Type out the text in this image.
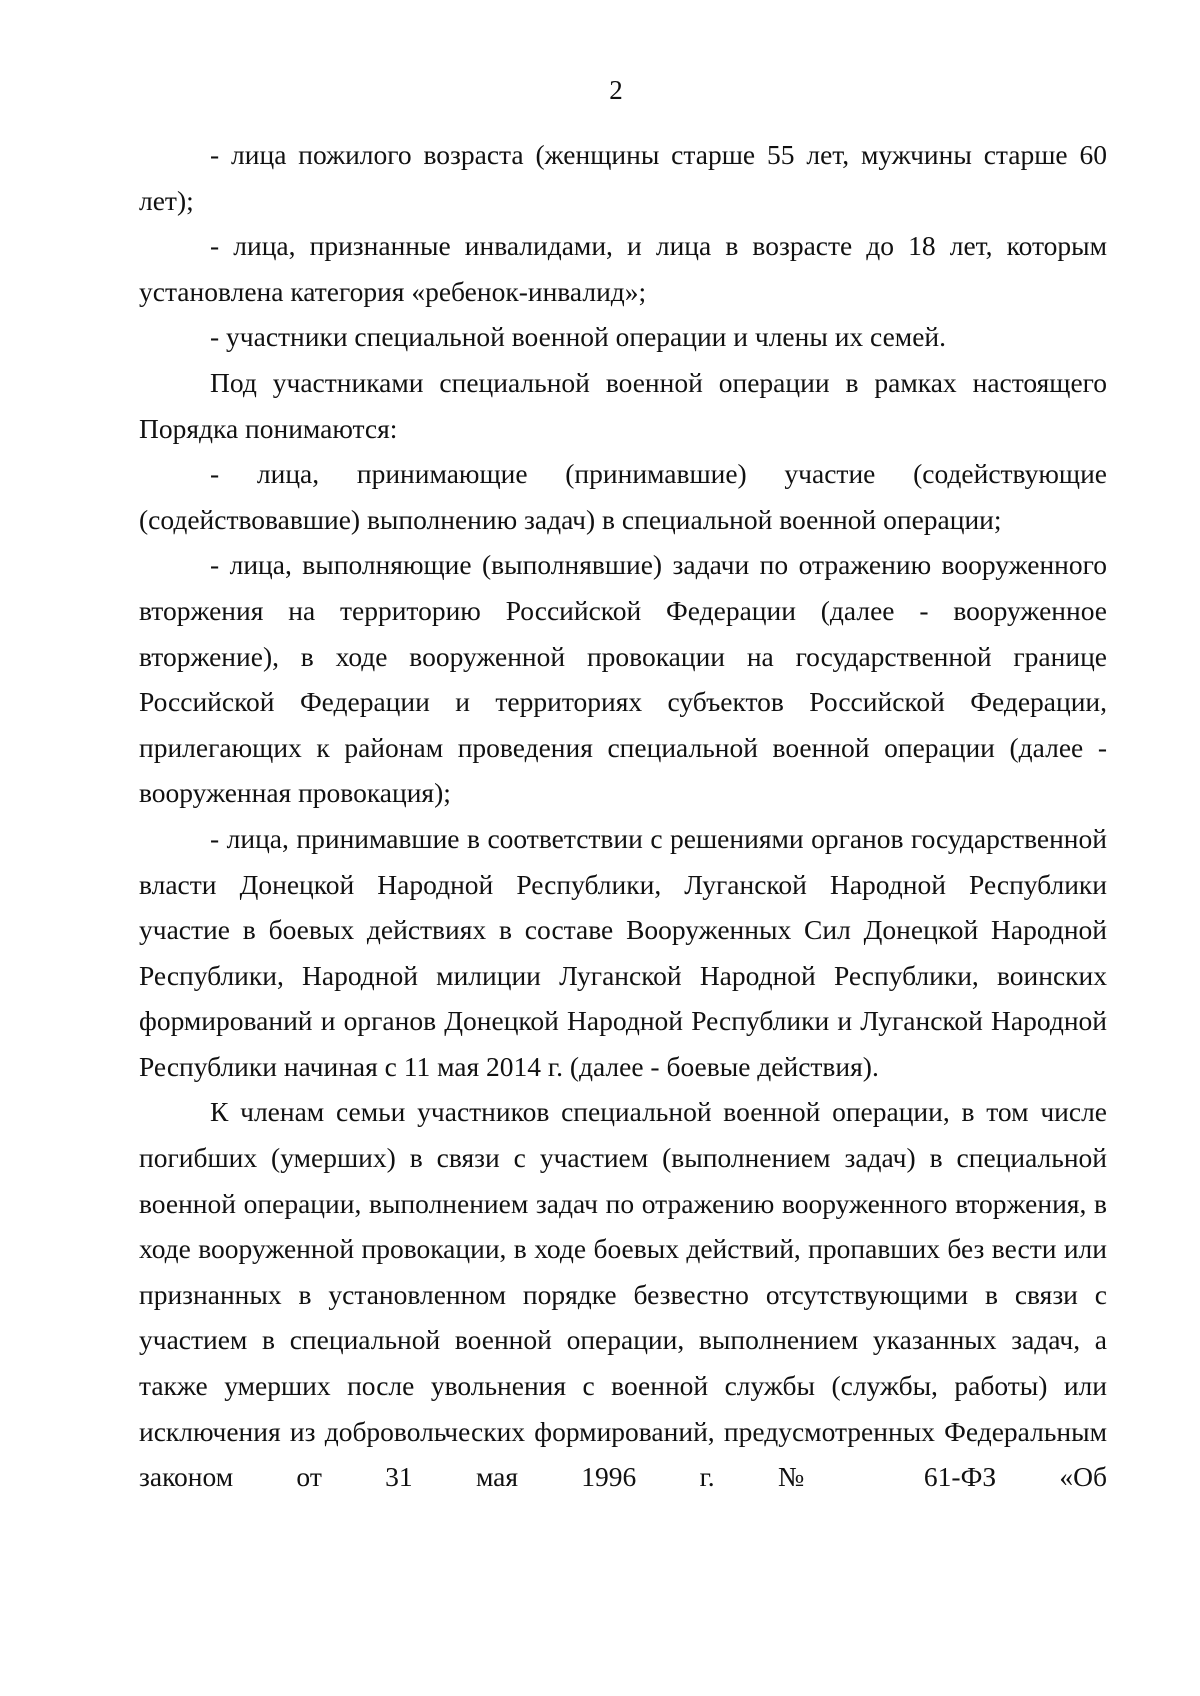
2

- лица пожилого возраста (женщины старше 55 лет, мужчины старше 60 лет);

- лица, признанные инвалидами, и лица в возрасте до 18 лет, которым установлена категория «ребенок-инвалид»;

- участники специальной военной операции и члены их семей.

Под участниками специальной военной операции в рамках настоящего Порядка понимаются:

- лица, принимающие (принимавшие) участие (содействующие (содействовавшие) выполнению задач) в специальной военной операции;

- лица, выполняющие (выполнявшие) задачи по отражению вооруженного вторжения на территорию Российской Федерации (далее - вооруженное вторжение), в ходе вооруженной провокации на государственной границе Российской Федерации и территориях субъектов Российской Федерации, прилегающих к районам проведения специальной военной операции (далее - вооруженная провокация);

- лица, принимавшие в соответствии с решениями органов государственной власти Донецкой Народной Республики, Луганской Народной Республики участие в боевых действиях в составе Вооруженных Сил Донецкой Народной Республики, Народной милиции Луганской Народной Республики, воинских формирований и органов Донецкой Народной Республики и Луганской Народной Республики начиная с 11 мая 2014 г. (далее - боевые действия).

К членам семьи участников специальной военной операции, в том числе погибших (умерших) в связи с участием (выполнением задач) в специальной военной операции, выполнением задач по отражению вооруженного вторжения, в ходе вооруженной провокации, в ходе боевых действий, пропавших без вести или признанных в установленном порядке безвестно отсутствующими в связи с участием в специальной военной операции, выполнением указанных задач, а также умерших после увольнения с военной службы (службы, работы) или исключения из добровольческих формирований, предусмотренных Федеральным законом от 31 мая 1996 г. № 61-ФЗ «Об
